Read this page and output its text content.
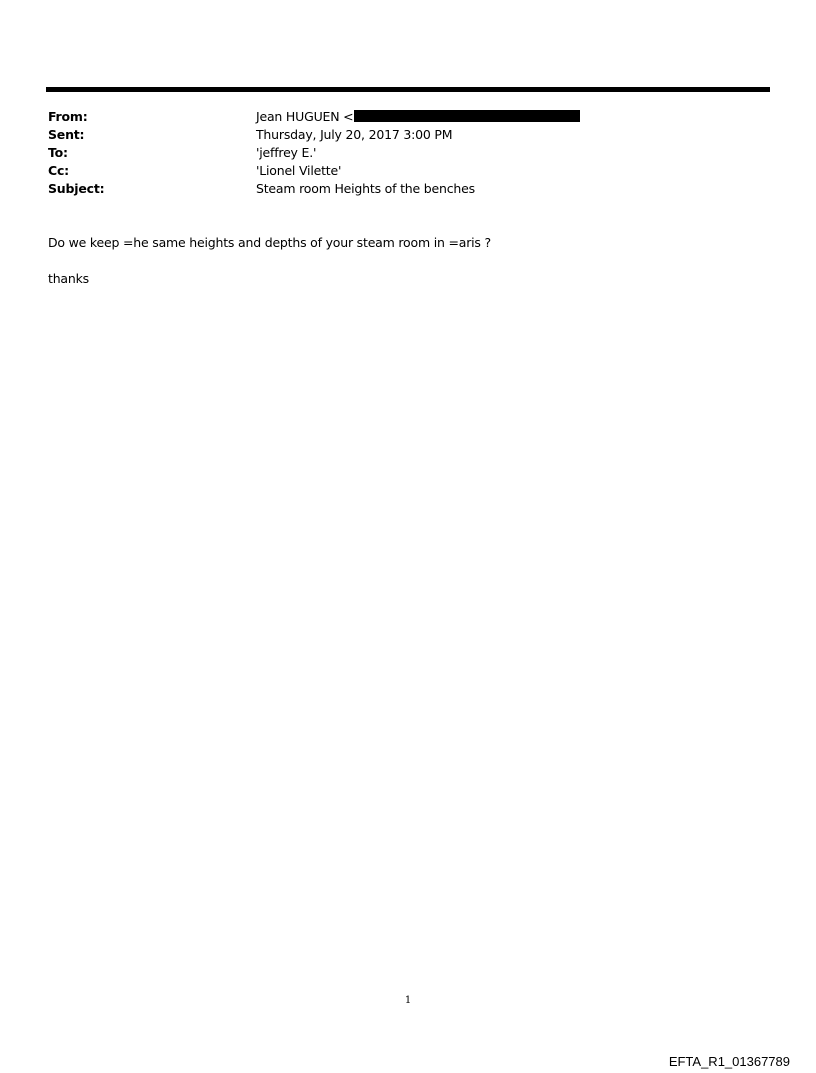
From:	Jean HUGUEN <
Sent:	Thursday, July 20, 2017 3:00 PM
To:	'jeffrey E.'
Cc:	'Lionel Vilette'
Subject:	Steam room Heights of the benches
Do we keep =he same heights and depths of your steam room in =aris ?
thanks
1
EFTA_R1_01367789
